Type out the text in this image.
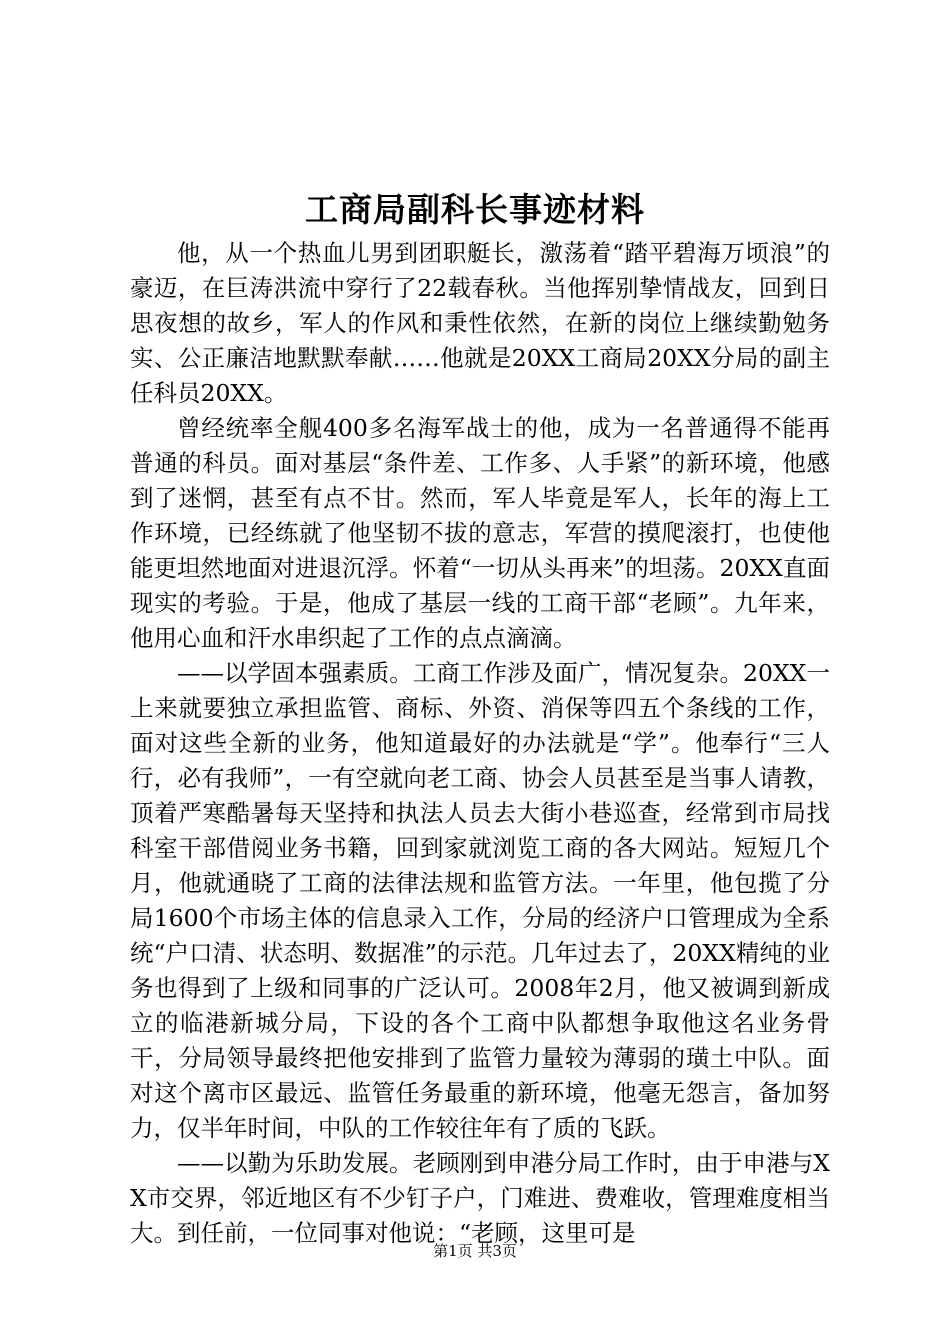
工商局副科长事迹材料

他，从一个热血儿男到团职艇长，激荡着“踏平碧海万顷浪”的豪迈，在巨涛洪流中穿行了22载春秋。当他挥别挚情战友，回到日思夜想的故乡，军人的作风和秉性依然，在新的岗位上继续勤勉务实、公正廉洁地默默奉献……他就是20XX工商局20XX分局的副主任科员20XX。

曾经统率全舰400多名海军战士的他，成为一名普通得不能再普通的科员。面对基层“条件差、工作多、人手紧”的新环境，他感到了迷惘，甚至有点不甘。然而，军人毕竟是军人，长年的海上工作环境，已经练就了他坚韧不拔的意志，军营的摸爬滚打，也使他能更坦然地面对进退沉浮。怀着“一切从头再来”的坦荡。20XX直面现实的考验。于是，他成了基层一线的工商干部“老顾”。九年来，他用心血和汗水串织起了工作的点点滴滴。

——以学固本强素质。工商工作涉及面广，情况复杂。20XX一上来就要独立承担监管、商标、外资、消保等四五个条线的工作，面对这些全新的业务，他知道最好的办法就是“学”。他奉行“三人行，必有我师”，一有空就向老工商、协会人员甚至是当事人请教，顶着严寒酷暑每天坚持和执法人员去大街小巷巡查，经常到市局找科室干部借阅业务书籍，回到家就浏览工商的各大网站。短短几个月，他就通晓了工商的法律法规和监管方法。一年里，他包揽了分局1600个市场主体的信息录入工作，分局的经济户口管理成为全系统“户口清、状态明、数据准”的示范。几年过去了，20XX精纯的业务也得到了上级和同事的广泛认可。2008年2月，他又被调到新成立的临港新城分局，下设的各个工商中队都想争取他这名业务骨干，分局领导最终把他安排到了监管力量较为薄弱的璜土中队。面对这个离市区最远、监管任务最重的新环境，他毫无怨言，备加努力，仅半年时间，中队的工作较往年有了质的飞跃。

——以勤为乐助发展。老顾刚到申港分局工作时，由于申港与XX市交界，邻近地区有不少钉子户，门难进、费难收，管理难度相当大。到任前，一位同事对他说：“老顾，这里可是

第1页 共3页
